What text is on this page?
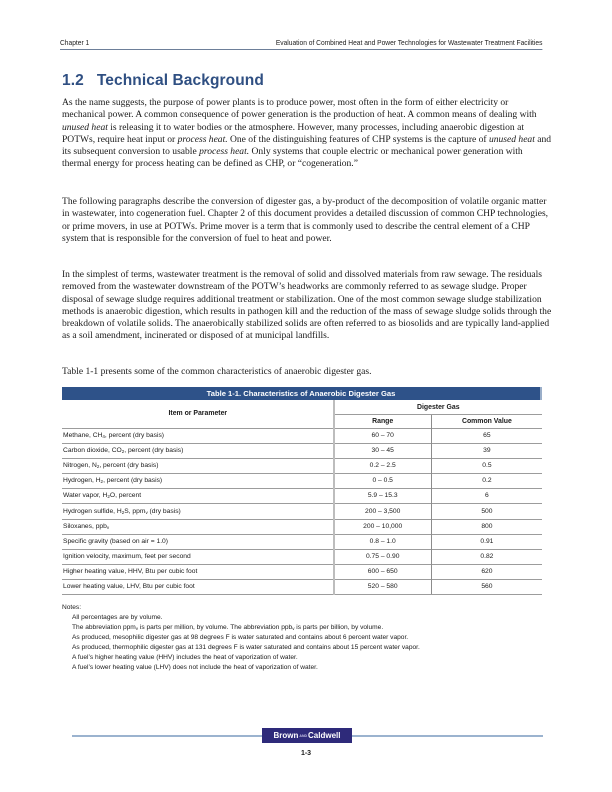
Chapter 1	Evaluation of Combined Heat and Power Technologies for Wastewater Treatment Facilities
1.2 Technical Background

As the name suggests, the purpose of power plants is to produce power, most often in the form of either electricity or mechanical power. A common consequence of power generation is the production of heat. A common means of dealing with unused heat is releasing it to water bodies or the atmosphere. However, many processes, including anaerobic digestion at POTWs, require heat input or process heat. One of the distinguishing features of CHP systems is the capture of unused heat and its subsequent conversion to usable process heat. Only systems that couple electric or mechanical power generation with thermal energy for process heating can be defined as CHP, or “cogeneration.”

The following paragraphs describe the conversion of digester gas, a by-product of the decomposition of volatile organic matter in wastewater, into cogeneration fuel. Chapter 2 of this document provides a detailed discussion of common CHP technologies, or prime movers, in use at POTWs. Prime mover is a term that is commonly used to describe the central element of a CHP system that is responsible for the conversion of fuel to heat and power.

In the simplest of terms, wastewater treatment is the removal of solid and dissolved materials from raw sewage. The residuals removed from the wastewater downstream of the POTW’s headworks are commonly referred to as sewage sludge. Proper disposal of sewage sludge requires additional treatment or stabilization. One of the most common sewage sludge stabilization methods is anaerobic digestion, which results in pathogen kill and the reduction of the mass of sewage sludge solids through the breakdown of volatile solids. The anaerobically stabilized solids are often referred to as biosolids and are typically land-applied as a soil amendment, incinerated or disposed of at municipal landfills.

Table 1-1 presents some of the common characteristics of anaerobic digester gas.

Table 1-1. Characteristics of Anaerobic Digester Gas
Item or Parameter	Digester Gas	
	Range	Common Value
Methane, $CH_4$, percent (dry basis)	60 – 70	65
Carbon dioxide, $CO_2$, percent (dry basis)	30 – 45	39
Nitrogen, $N_2$, percent (dry basis)	0.2 – 2.5	0.5
Hydrogen, $H_2$, percent (dry basis)	0 – 0.5	0.2
Water vapor, $H_2O$, percent	5.9 – 15.3	6
Hydrogen sulfide, $H_2S$, ppm$_v$ (dry basis)	200 – 3,500	500
Siloxanes, ppb$_v$	200 – 10,000	800
Specific gravity (based on air = 1.0)	0.8 – 1.0	0.91
Ignition velocity, maximum, feet per second	0.75 – 0.90	0.82
Higher heating value, HHV, Btu per cubic foot	600 – 650	620
Lower heating value, LHV, Btu per cubic foot	520 – 580	560
Notes:
All percentages are by volume.
The abbreviation ppm$_v$ is parts per million, by volume. The abbreviation ppb$_v$ is parts per billion, by volume.
As produced, mesophilic digester gas at 98 degrees F is water saturated and contains about 6 percent water vapor.
As produced, thermophilic digester gas at 131 degrees F is water saturated and contains about 15 percent water vapor.
A fuel’s higher heating value (HHV) includes the heat of vaporization of water.
A fuel’s lower heating value (LHV) does not include the heat of vaporization of water.
BrownANDCaldwell
1-3
